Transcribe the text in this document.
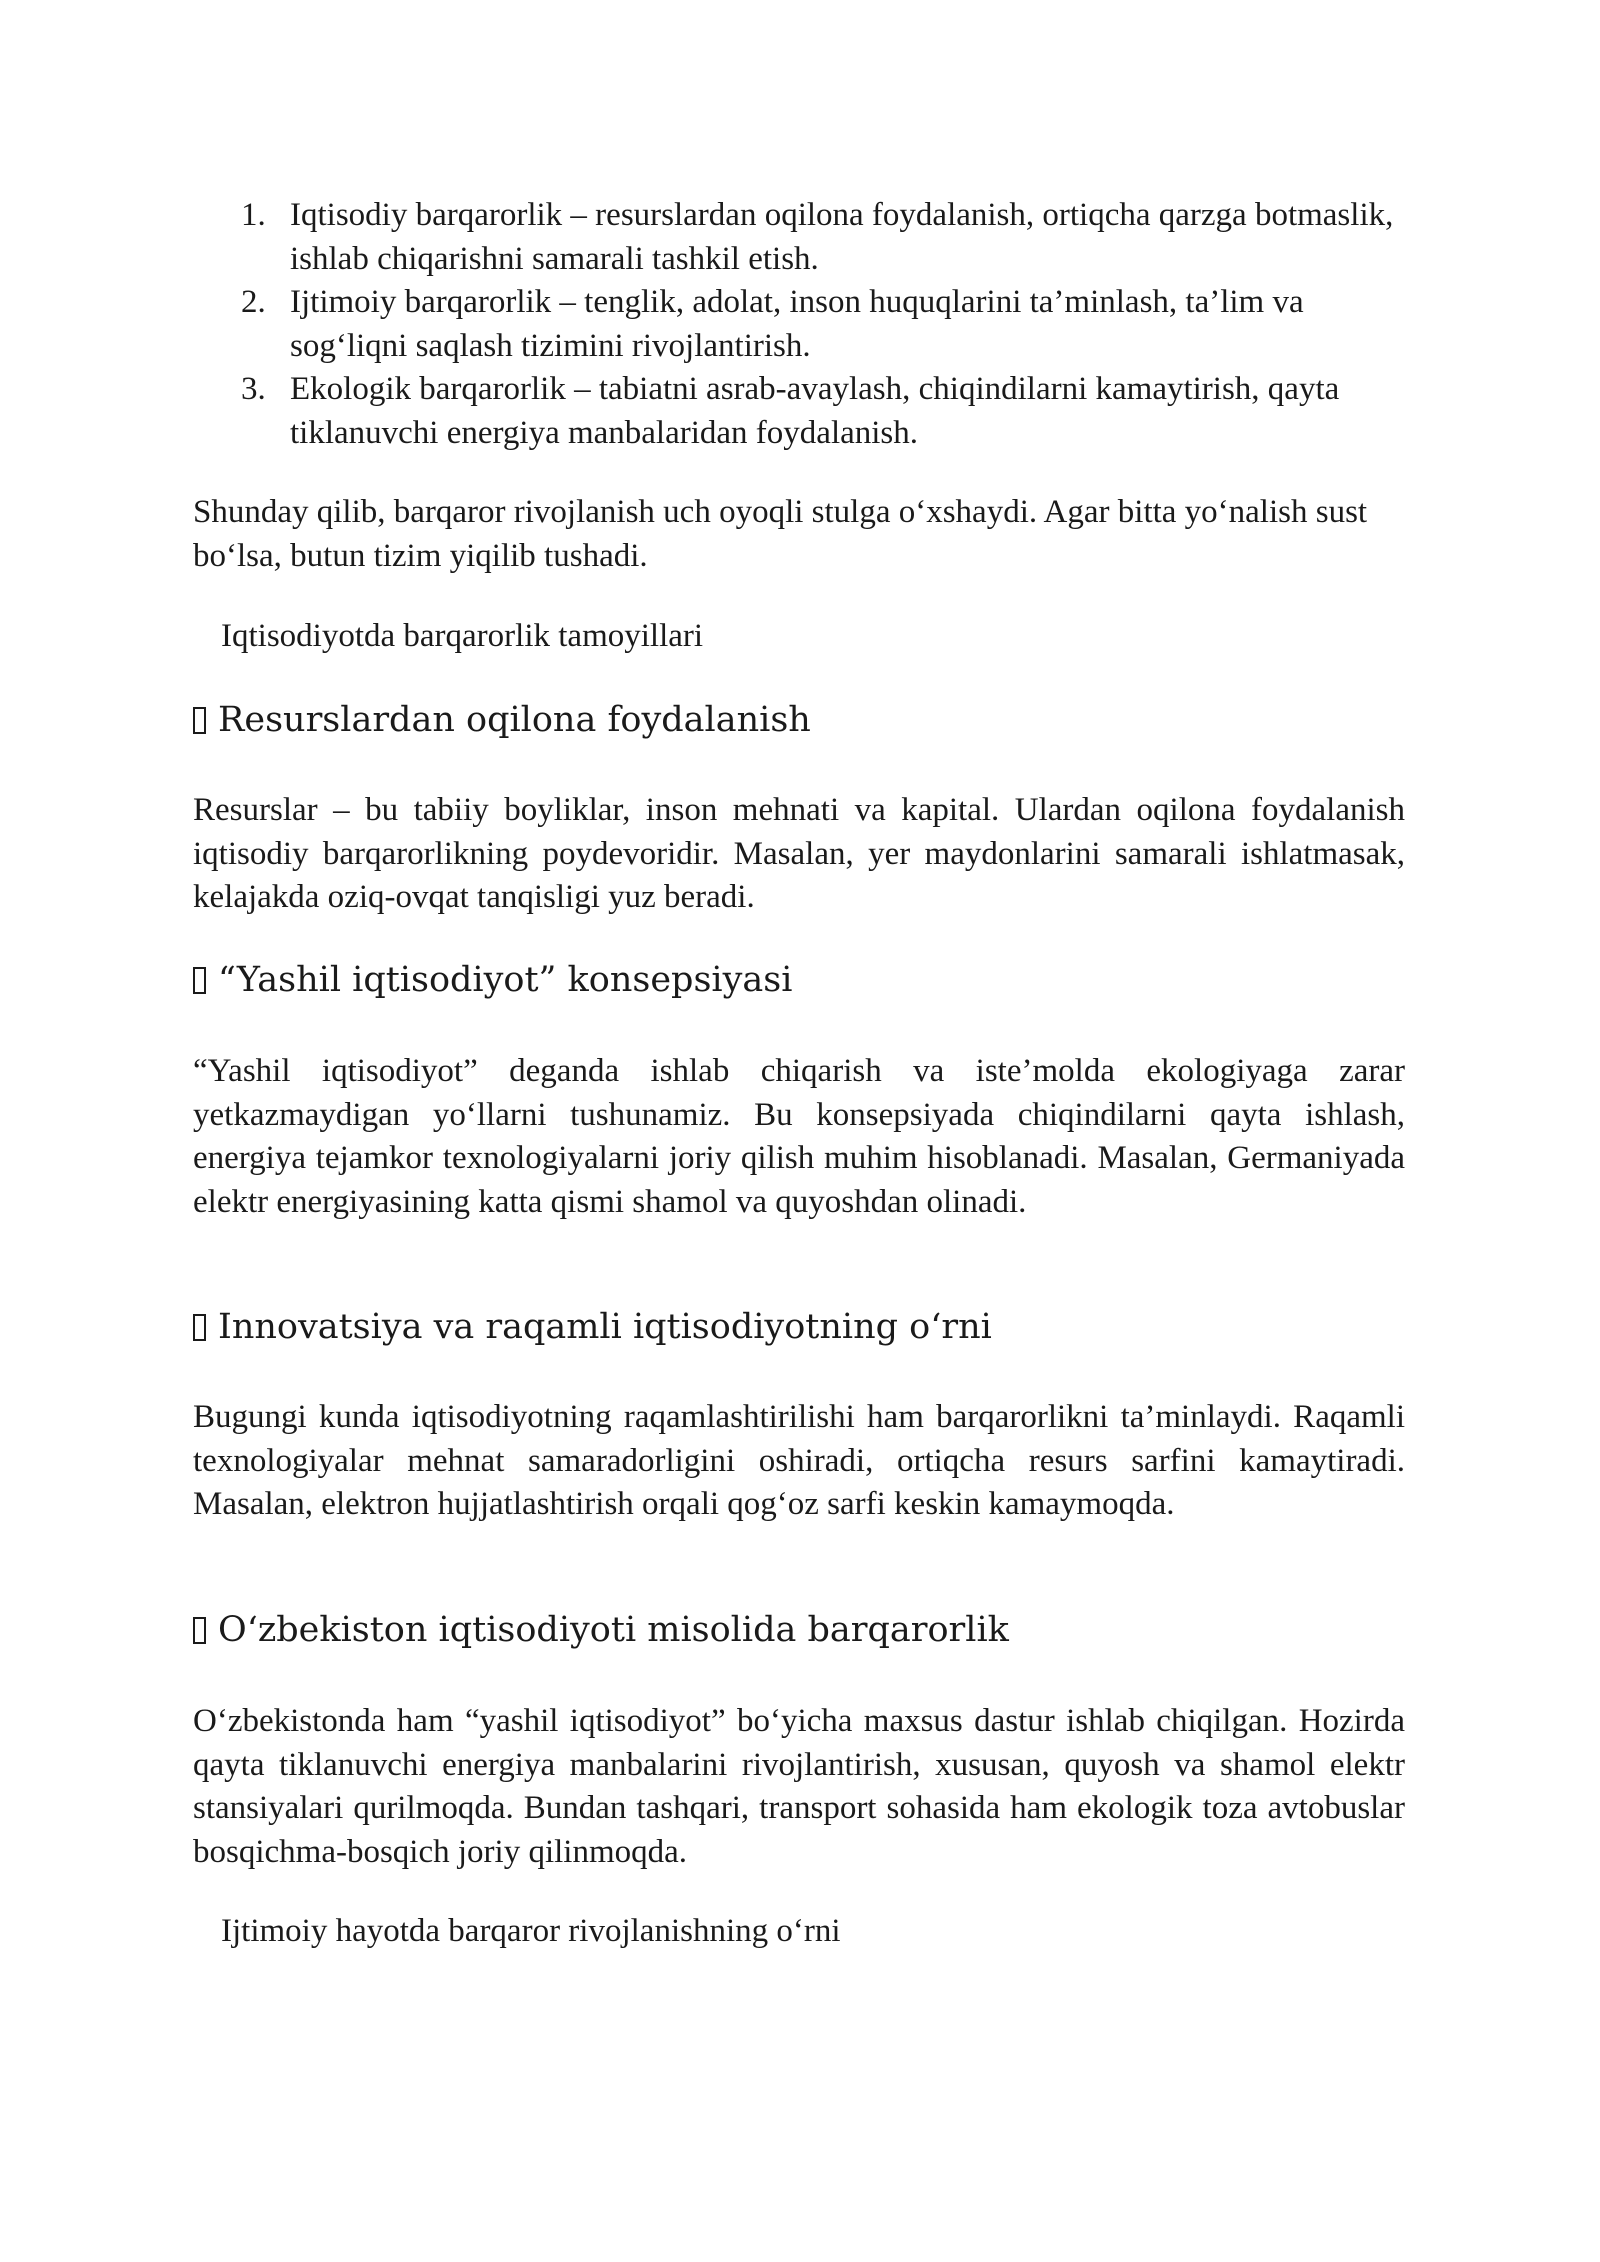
1. Iqtisodiy barqarorlik – resurslardan oqilona foydalanish, ortiqcha qarzga botmaslik, ishlab chiqarishni samarali tashkil etish.
2. Ijtimoiy barqarorlik – tenglik, adolat, inson huquqlarini ta’minlash, ta’lim va sog‘liqni saqlash tizimini rivojlantirish.
3. Ekologik barqarorlik – tabiatni asrab-avaylash, chiqindilarni kamaytirish, qayta tiklanuvchi energiya manbalaridan foydalanish.

Shunday qilib, barqaror rivojlanish uch oyoqli stulga o‘xshaydi. Agar bitta yo‘nalish sust bo‘lsa, butun tizim yiqilib tushadi.

Iqtisodiyotda barqarorlik tamoyillari

Resurslardan oqilona foydalanish

Resurslar – bu tabiiy boyliklar, inson mehnati va kapital. Ulardan oqilona foydalanish iqtisodiy barqarorlikning poydevoridir. Masalan, yer maydonlarini samarali ishlatmasak, kelajakda oziq-ovqat tanqisligi yuz beradi.

“Yashil iqtisodiyot” konsepsiyasi

“Yashil iqtisodiyot” deganda ishlab chiqarish va iste’molda ekologiyaga zarar yetkazmaydigan yo‘llarni tushunamiz. Bu konsepsiyada chiqindilarni qayta ishlash, energiya tejamkor texnologiyalarni joriy qilish muhim hisoblanadi. Masalan, Germaniyada elektr energiyasining katta qismi shamol va quyoshdan olinadi.

Innovatsiya va raqamli iqtisodiyotning o‘rni

Bugungi kunda iqtisodiyotning raqamlashtirilishi ham barqarorlikni ta’minlaydi. Raqamli texnologiyalar mehnat samaradorligini oshiradi, ortiqcha resurs sarfini kamaytiradi. Masalan, elektron hujjatlashtirish orqali qog‘oz sarfi keskin kamaymoqda.

O‘zbekiston iqtisodiyoti misolida barqarorlik

O‘zbekistonda ham “yashil iqtisodiyot” bo‘yicha maxsus dastur ishlab chiqilgan. Hozirda qayta tiklanuvchi energiya manbalarini rivojlantirish, xususan, quyosh va shamol elektr stansiyalari qurilmoqda. Bundan tashqari, transport sohasida ham ekologik toza avtobuslar bosqichma-bosqich joriy qilinmoqda.

Ijtimoiy hayotda barqaror rivojlanishning o‘rni
